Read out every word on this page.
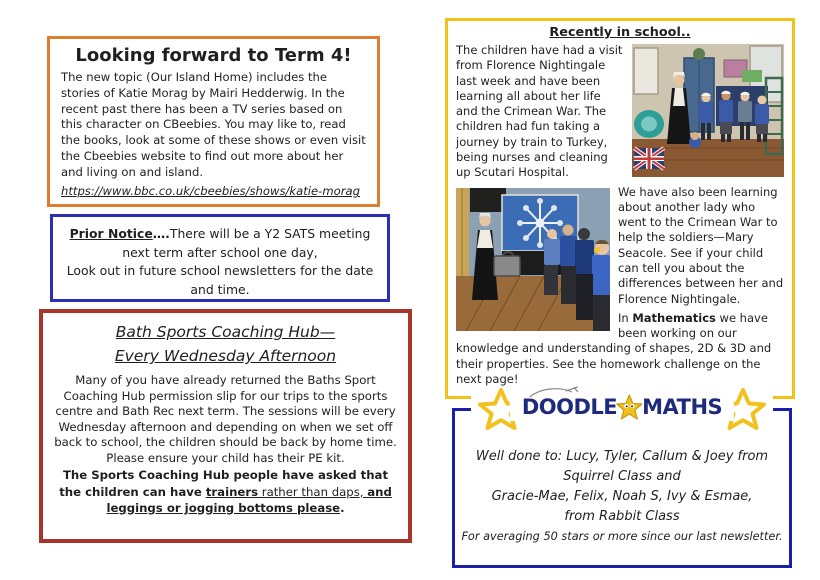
Looking forward to Term 4!
The new topic (Our Island Home) includes the stories of Katie Morag by Mairi Hedderwig. In the recent past there has been a TV series based on this character on CBeebies. You may like to, read the books, look at some of these shows or even visit the Cbeebies website to find out more about her and living on and island.
https://www.bbc.co.uk/cbeebies/shows/katie-morag
Prior Notice….There will be a Y2 SATS meeting next term after school one day,
Look out in future school newsletters for the date and time.
Bath Sports Coaching Hub—
Every Wednesday Afternoon
Many of you have already returned the Baths Sport Coaching Hub permission slip for our trips to the sports centre and Bath Rec next term. The sessions will be every Wednesday afternoon and depending on when we set off back to school, the children should be back by home time. Please ensure your child has their PE kit.
The Sports Coaching Hub people have asked that the children can have trainers rather than daps, and leggings or jogging bottoms please.
Recently in school..

The children have had a visit from Florence Nightingale last week and have been learning all about her life and the Crimean War. The children had fun taking a journey by train to Turkey, being nurses and cleaning up Scutari Hospital.

We have also been learning about another lady who went to the Crimean War to help the soldiers—Mary Seacole. See if your child can tell you about the differences between her and Florence Nightingale.

In Mathematics we have been working on our knowledge and understanding of shapes, 2D & 3D and their properties. See the homework challenge on the next page!

DOODLE MATHS
Well done to: Lucy, Tyler, Callum & Joey from
Squirrel Class and
Gracie-Mae, Felix, Noah S, Ivy & Esmae,
from Rabbit Class
For averaging 50 stars or more since our last newsletter.
